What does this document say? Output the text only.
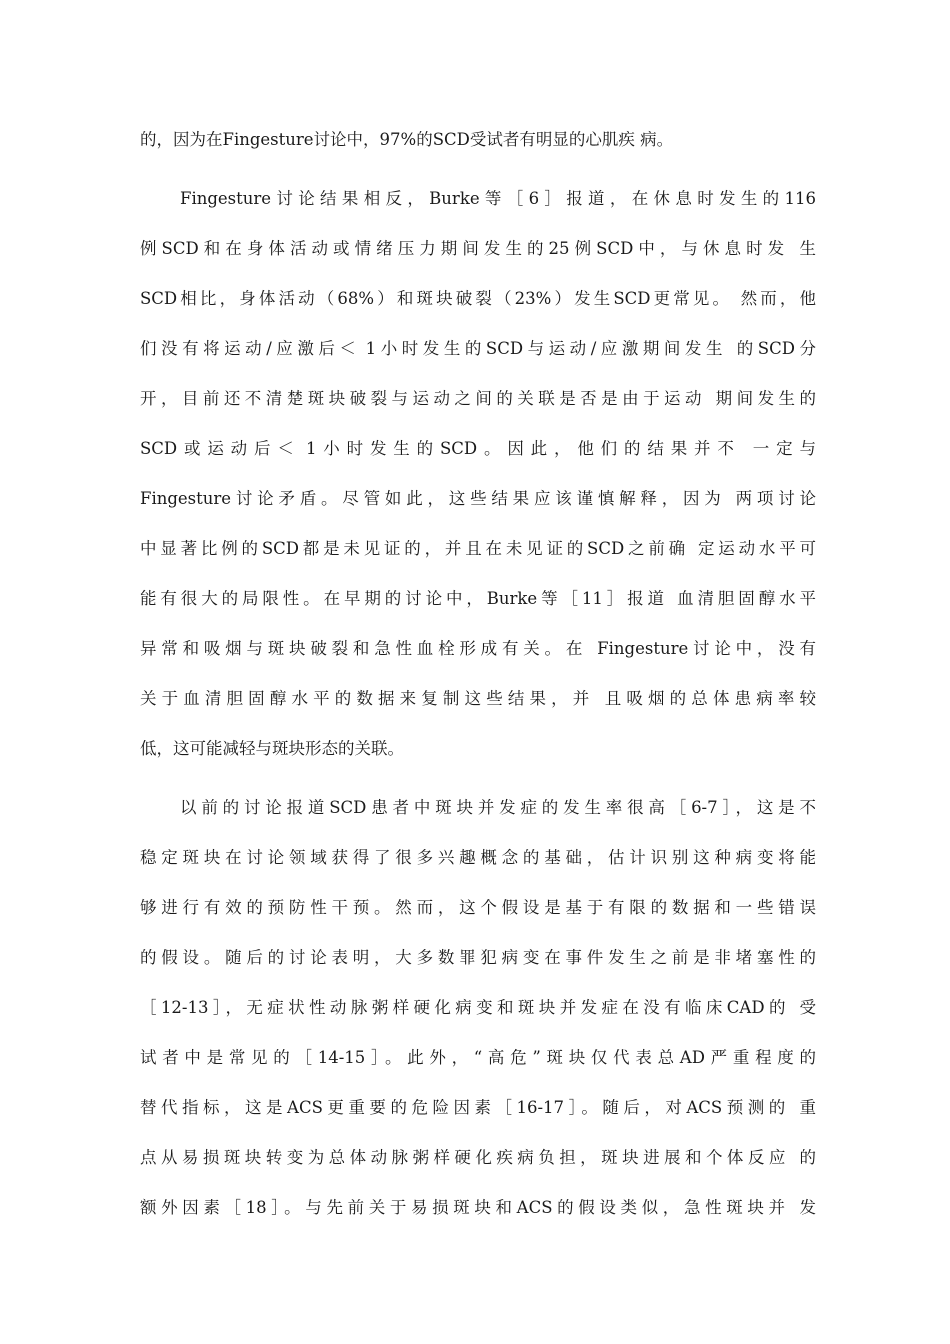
的，因为在Fingesture讨论中，97%的SCD受试者有明显的心肌疾 病。
Fingesture讨论结果相反，Burke等［6］报道，在休息时发生的116
例SCD和在身体活动或情绪压力期间发生的25例SCD中，与休息时发 生
SCD相比，身体活动（68%）和斑块破裂（23%）发生SCD更常见。 然而，他
们没有将运动/应激后＜ 1小时发生的SCD与运动/应激期间发生 的SCD分
开，目前还不清楚斑块破裂与运动之间的关联是否是由于运动 期间发生的
SCD或运动后＜ 1小时发生的SCD。因此，他们的结果并不 一定与
Fingesture讨论矛盾。尽管如此，这些结果应该谨慎解释，因为 两项讨论
中显著比例的SCD都是未见证的，并且在未见证的SCD之前确 定运动水平可
能有很大的局限性。在早期的讨论中，Burke等［11］报道 血清胆固醇水平
异常和吸烟与斑块破裂和急性血栓形成有关。在 Fingesture讨论中，没有
关于血清胆固醇水平的数据来复制这些结果，并 且吸烟的总体患病率较
低，这可能减轻与斑块形态的关联。
以前的讨论报道SCD患者中斑块并发症的发生率很高［6-7］，这是不
稳定斑块在讨论领域获得了很多兴趣概念的基础，估计识别这种病变将能
够进行有效的预防性干预。然而，这个假设是基于有限的数据和一些错误
的假设。随后的讨论表明，大多数罪犯病变在事件发生之前是非堵塞性的
［12-13］，无症状性动脉粥样硬化病变和斑块并发症在没有临床CAD的 受
试者中是常见的［14-15］。此外，“高危”斑块仅代表总AD严重程度的
替代指标，这是ACS更重要的危险因素［16-17］。随后，对ACS预测的 重
点从易损斑块转变为总体动脉粥样硬化疾病负担，斑块进展和个体反应 的
额外因素［18］。与先前关于易损斑块和ACS的假设类似，急性斑块并 发
